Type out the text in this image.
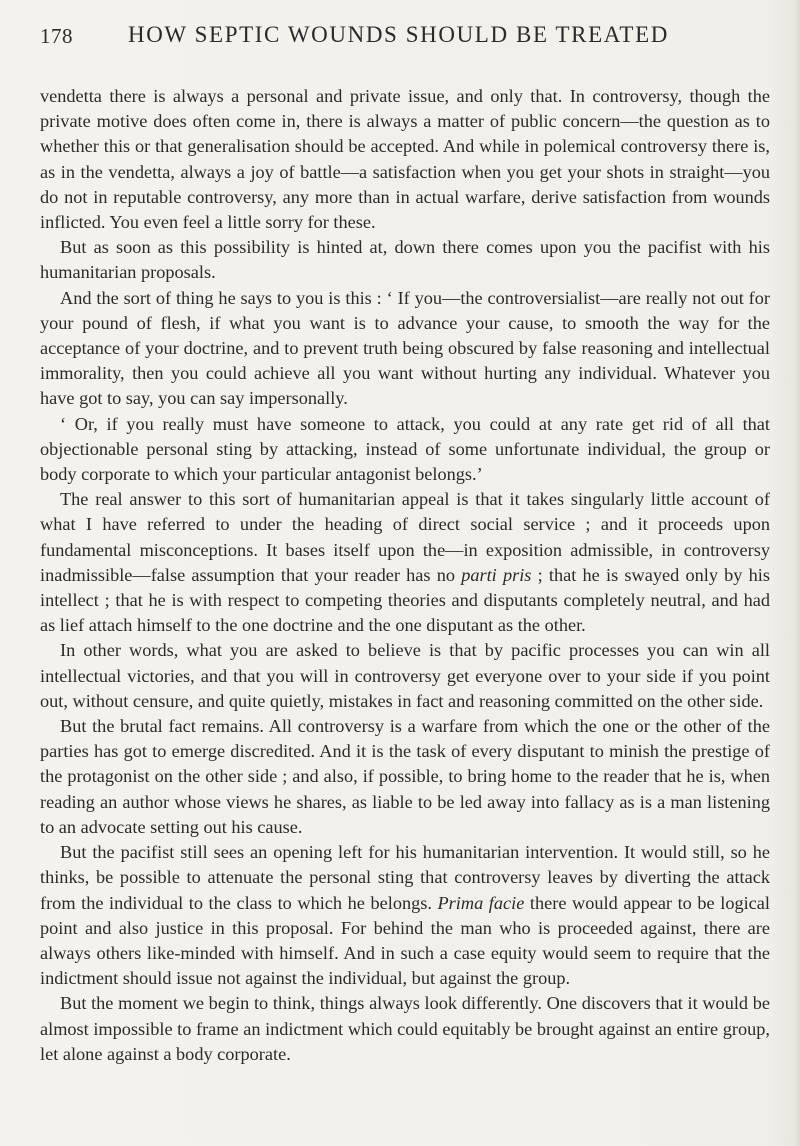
178 HOW SEPTIC WOUNDS SHOULD BE TREATED

vendetta there is always a personal and private issue, and only that. In controversy, though the private motive does often come in, there is always a matter of public concern—the question as to whether this or that generalisation should be accepted. And while in polemical controversy there is, as in the vendetta, always a joy of battle—a satisfaction when you get your shots in straight—you do not in reputable controversy, any more than in actual warfare, derive satisfaction from wounds inflicted. You even feel a little sorry for these.

But as soon as this possibility is hinted at, down there comes upon you the pacifist with his humanitarian proposals.

And the sort of thing he says to you is this : ‘ If you—the controversialist—are really not out for your pound of flesh, if what you want is to advance your cause, to smooth the way for the acceptance of your doctrine, and to prevent truth being obscured by false reasoning and intellectual immorality, then you could achieve all you want without hurting any individual. Whatever you have got to say, you can say impersonally.

‘ Or, if you really must have someone to attack, you could at any rate get rid of all that objectionable personal sting by attacking, instead of some unfortunate individual, the group or body corporate to which your particular antagonist belongs.’

The real answer to this sort of humanitarian appeal is that it takes singularly little account of what I have referred to under the heading of direct social service ; and it proceeds upon fundamental misconceptions. It bases itself upon the—in exposition admissible, in controversy inadmissible—false assumption that your reader has no parti pris ; that he is swayed only by his intellect ; that he is with respect to competing theories and disputants completely neutral, and had as lief attach himself to the one doctrine and the one disputant as the other.

In other words, what you are asked to believe is that by pacific processes you can win all intellectual victories, and that you will in controversy get everyone over to your side if you point out, without censure, and quite quietly, mistakes in fact and reasoning committed on the other side.

But the brutal fact remains. All controversy is a warfare from which the one or the other of the parties has got to emerge discredited. And it is the task of every disputant to minish the prestige of the protagonist on the other side ; and also, if possible, to bring home to the reader that he is, when reading an author whose views he shares, as liable to be led away into fallacy as is a man listening to an advocate setting out his cause.

But the pacifist still sees an opening left for his humanitarian intervention. It would still, so he thinks, be possible to attenuate the personal sting that controversy leaves by diverting the attack from the individual to the class to which he belongs. Prima facie there would appear to be logical point and also justice in this proposal. For behind the man who is proceeded against, there are always others like-minded with himself. And in such a case equity would seem to require that the indictment should issue not against the individual, but against the group.

But the moment we begin to think, things always look differently. One discovers that it would be almost impossible to frame an indictment which could equitably be brought against an entire group, let alone against a body corporate.
